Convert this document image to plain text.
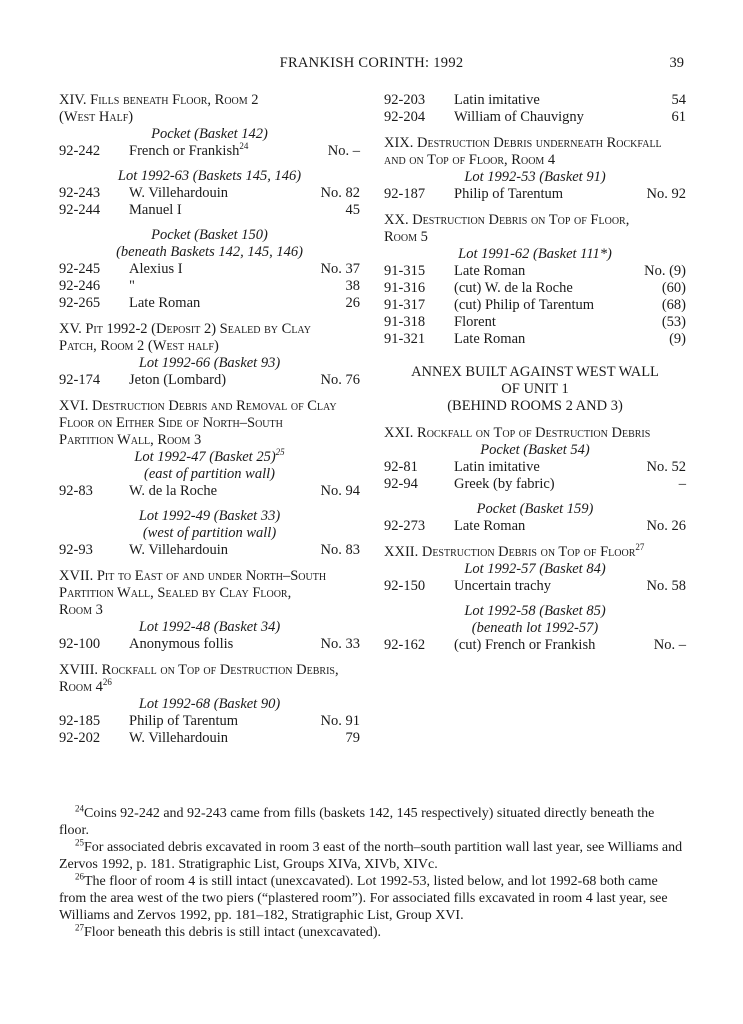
FRANKISH CORINTH: 1992	39
XIV. Fills beneath Floor, Room 2
(West Half)
Pocket (Basket 142)
92-242	French or Frankish$^{24}$	No. –
Lot 1992-63 (Baskets 145, 146)
92-243	W. Villehardouin	No. 82
92-244	Manuel I	45
Pocket (Basket 150)
(beneath Baskets 142, 145, 146)
92-245	Alexius I	No. 37
92-246	"	38
92-265	Late Roman	26
XV. Pit 1992-2 (Deposit 2) Sealed by Clay
Patch, Room 2 (West half)
Lot 1992-66 (Basket 93)
92-174	Jeton (Lombard)	No. 76
XVI. Destruction Debris and Removal of Clay
Floor on Either Side of North–South
Partition Wall, Room 3
Lot 1992-47 (Basket 25)$^{25}$
(east of partition wall)
92-83	W. de la Roche	No. 94
Lot 1992-49 (Basket 33)
(west of partition wall)
92-93	W. Villehardouin	No. 83
XVII. Pit to East of and under North–South
Partition Wall, Sealed by Clay Floor,
Room 3
Lot 1992-48 (Basket 34)
92-100	Anonymous follis	No. 33
XVIII. Rockfall on Top of Destruction Debris,
Room $4^{26}$
Lot 1992-68 (Basket 90)
92-185	Philip of Tarentum	No. 91
92-202	W. Villehardouin	79
92-203	Latin imitative	54
92-204	William of Chauvigny	61
XIX. Destruction Debris underneath Rockfall
and on Top of Floor, Room 4
Lot 1992-53 (Basket 91)
92-187	Philip of Tarentum	No. 92
XX. Destruction Debris on Top of Floor,
Room 5
Lot 1991-62 (Basket 111*)
91-315	Late Roman	No. (9)
91-316	(cut) W. de la Roche	(60)
91-317	(cut) Philip of Tarentum	(68)
91-318	Florent	(53)
91-321	Late Roman	(9)
ANNEX BUILT AGAINST WEST WALL
OF UNIT 1
(BEHIND ROOMS 2 AND 3)
XXI. Rockfall on Top of Destruction Debris
Pocket (Basket 54)
92-81	Latin imitative	No. 52
92-94	Greek (by fabric)	–
Pocket (Basket 159)
92-273	Late Roman	No. 26
XXII. Destruction Debris on Top of Floor$^{27}$
Lot 1992-57 (Basket 84)
92-150	Uncertain trachy	No. 58
Lot 1992-58 (Basket 85)
(beneath lot 1992-57)
92-162	(cut) French or Frankish	No. –

$^{24}$Coins 92-242 and 92-243 came from fills (baskets 142, 145 respectively) situated directly beneath the floor.

$^{25}$For associated debris excavated in room 3 east of the north–south partition wall last year, see Williams and Zervos 1992, p. 181. Stratigraphic List, Groups XIVa, XIVb, XIVc.

$^{26}$The floor of room 4 is still intact (unexcavated). Lot 1992-53, listed below, and lot 1992-68 both came from the area west of the two piers (“plastered room”). For associated fills excavated in room 4 last year, see Williams and Zervos 1992, pp. 181–182, Stratigraphic List, Group XVI.

$^{27}$Floor beneath this debris is still intact (unexcavated).
